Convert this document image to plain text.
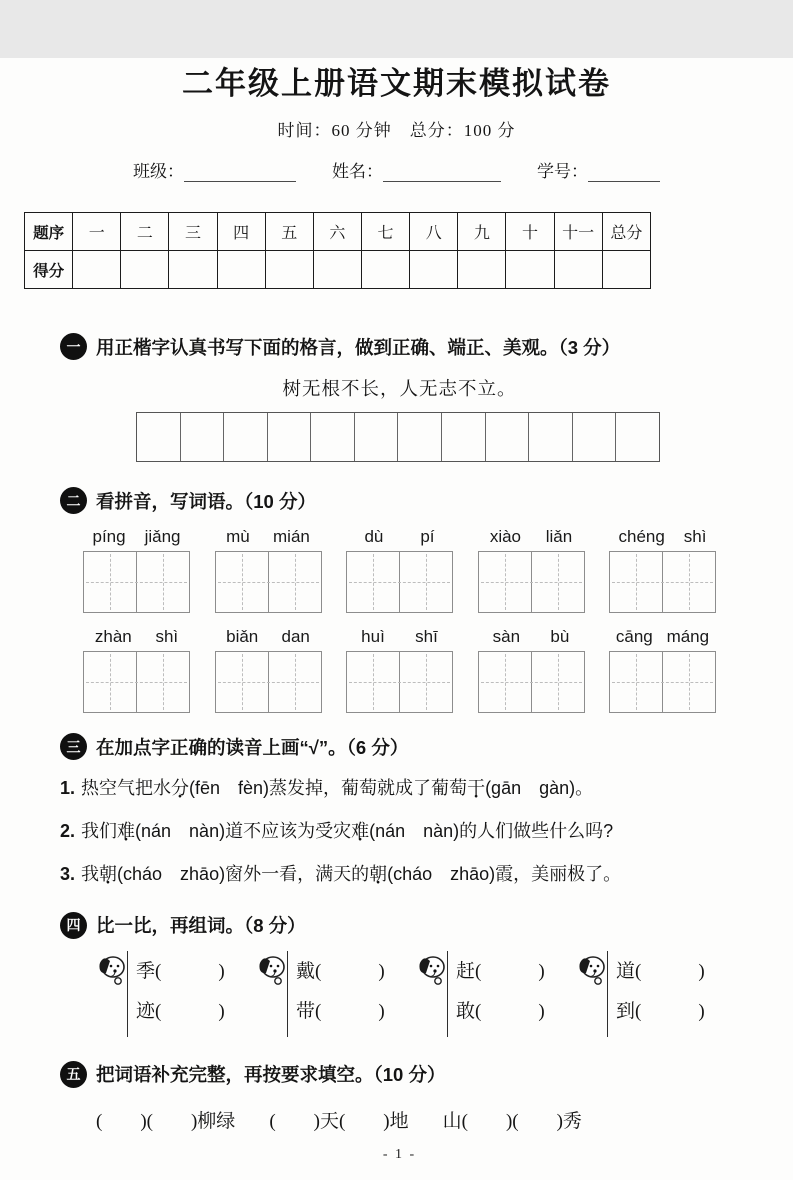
二年级上册语文期末模拟试卷
时间：60 分钟　总分：100 分
班级：	姓名：	学号：
题序	一	二	三	四	五	六	七	八	九	十	十一	总分
得分												
一 用正楷字认真书写下面的格言，做到正确、端正、美观。（3 分）
树无根不长，人无志不立。
二 看拼音，写词语。（10 分）
píng jiǎng	mù mián	dù pí	xiào liǎn	chéng shì
zhàn shì	biǎn dan	huì shī	sàn bù	cāng máng
三 在加点字正确的读音上画“√”。（6 分）
1. 热空气把水分 ●(fēn　fèn)蒸发掉，葡萄就成了葡萄干 ●(gān　gàn)。
2. 我们难 ●(nán　nàn)道不应该为受灾难 ●(nán　nàn)的人们做些什么吗?
3. 我朝 ●(cháo　zhāo)窗外一看，满天的朝 ●(cháo　zhāo)霞，美丽极了。
四 比一比，再组词。（8 分）
季(　　　)
迹(　　　)
戴(　　　)
带(　　　)
赶(　　　)
敢(　　　)
道(　　　)
到(　　　)
五 把词语补充完整，再按要求填空。（10 分）
(　　)(　　)柳绿 (　　)天(　　)地 山(　　)(　　)秀
- 1 -
